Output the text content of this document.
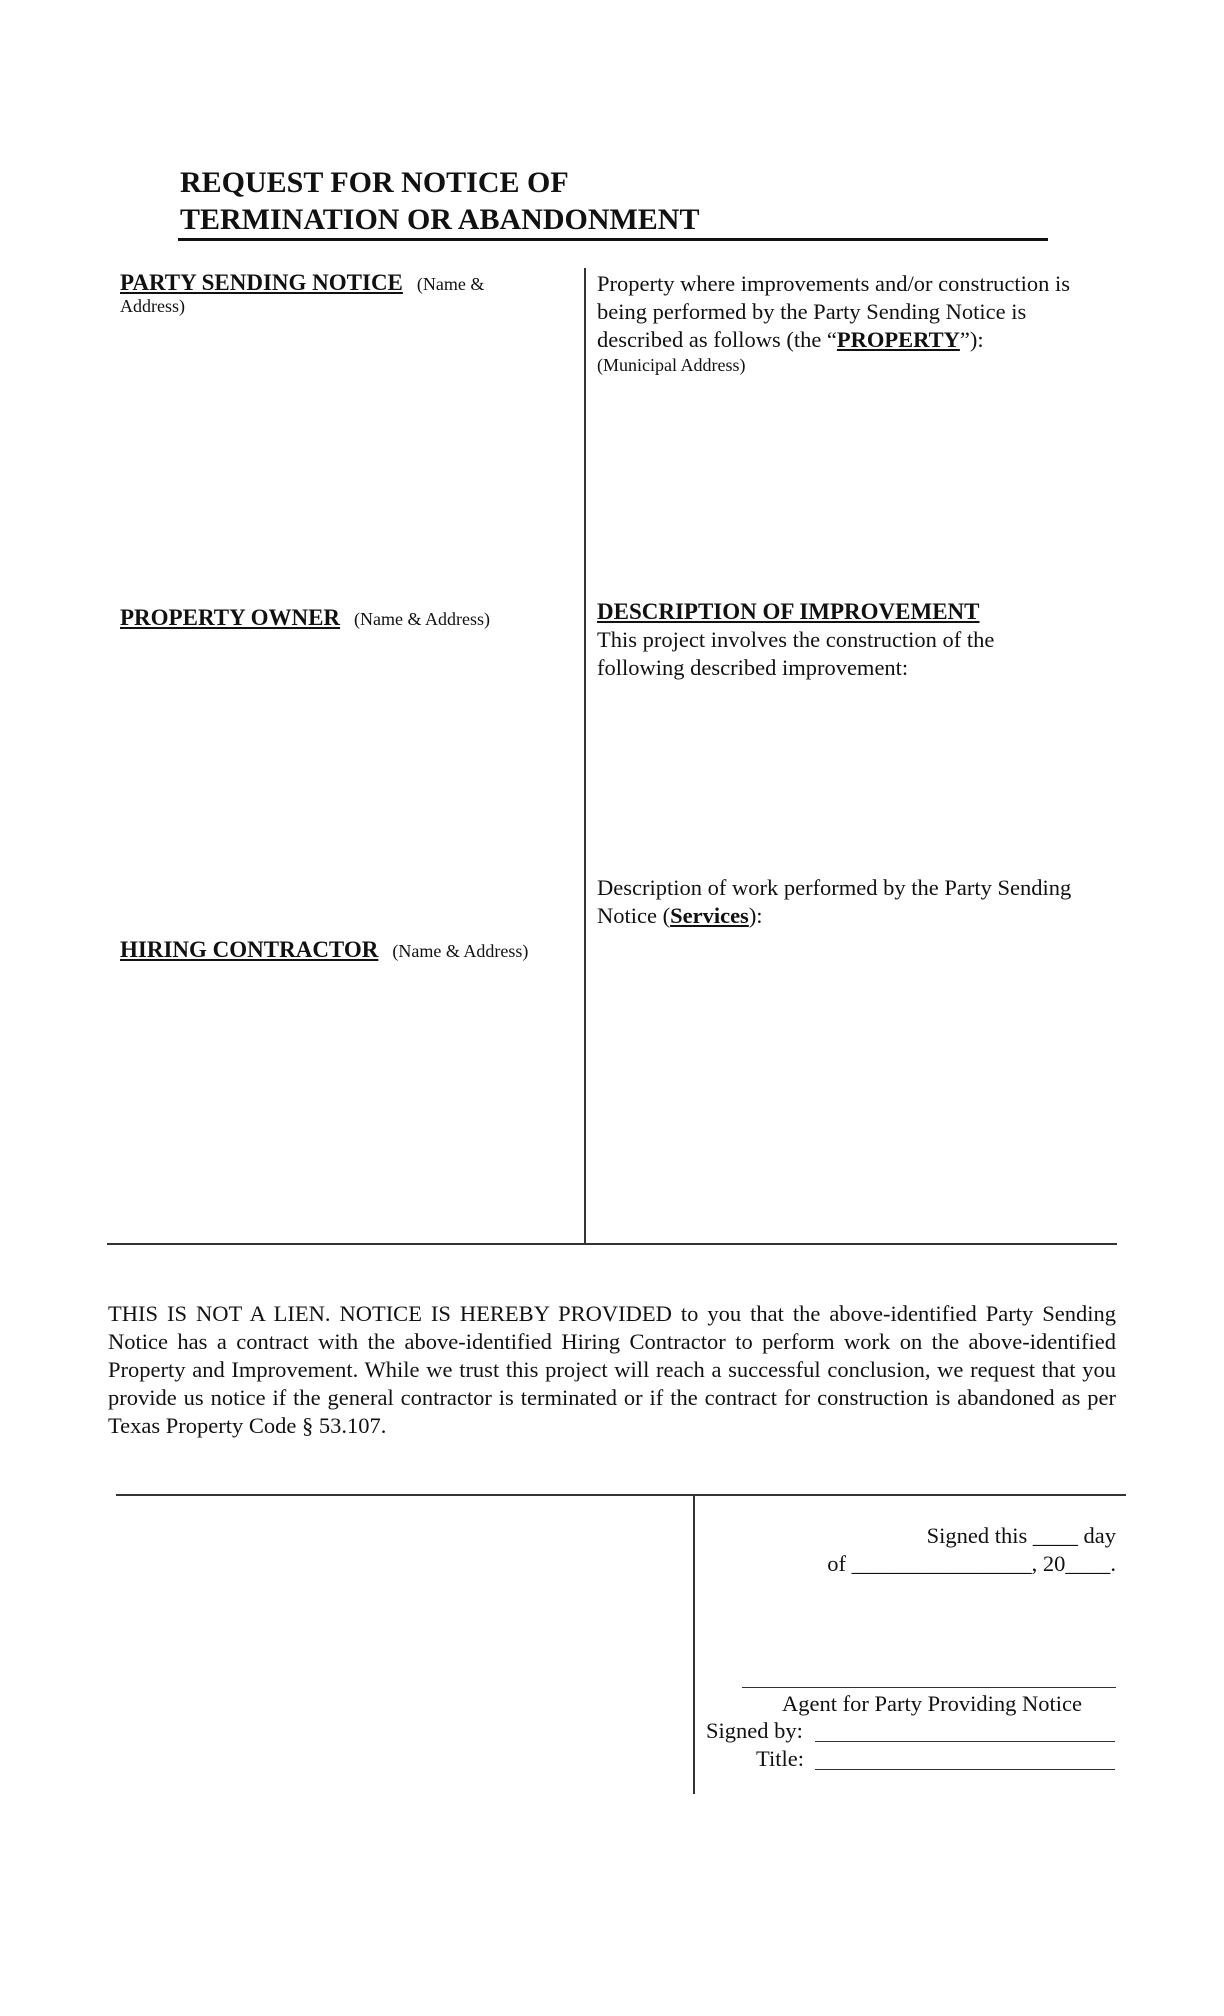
REQUEST FOR NOTICE OF
TERMINATION OR ABANDONMENT
PARTY SENDING NOTICE (Name &
Address)
PROPERTY OWNER (Name & Address)
HIRING CONTRACTOR (Name & Address)
Property where improvements and/or construction is
being performed by the Party Sending Notice is
described as follows (the “PROPERTY”):
(Municipal Address)
DESCRIPTION OF IMPROVEMENT
This project involves the construction of the
following described improvement:
Description of work performed by the Party Sending
Notice (Services):
THIS IS NOT A LIEN. NOTICE IS HEREBY PROVIDED to you that the above-identified Party Sending Notice has a contract with the above-identified Hiring Contractor to perform work on the above-identified Property and Improvement. While we trust this project will reach a successful conclusion, we request that you provide us notice if the general contractor is terminated or if the contract for construction is abandoned as per Texas Property Code § 53.107.
Signed this ____ day
of ________________, 20____.
Agent for Party Providing Notice
Signed by:
Title:
